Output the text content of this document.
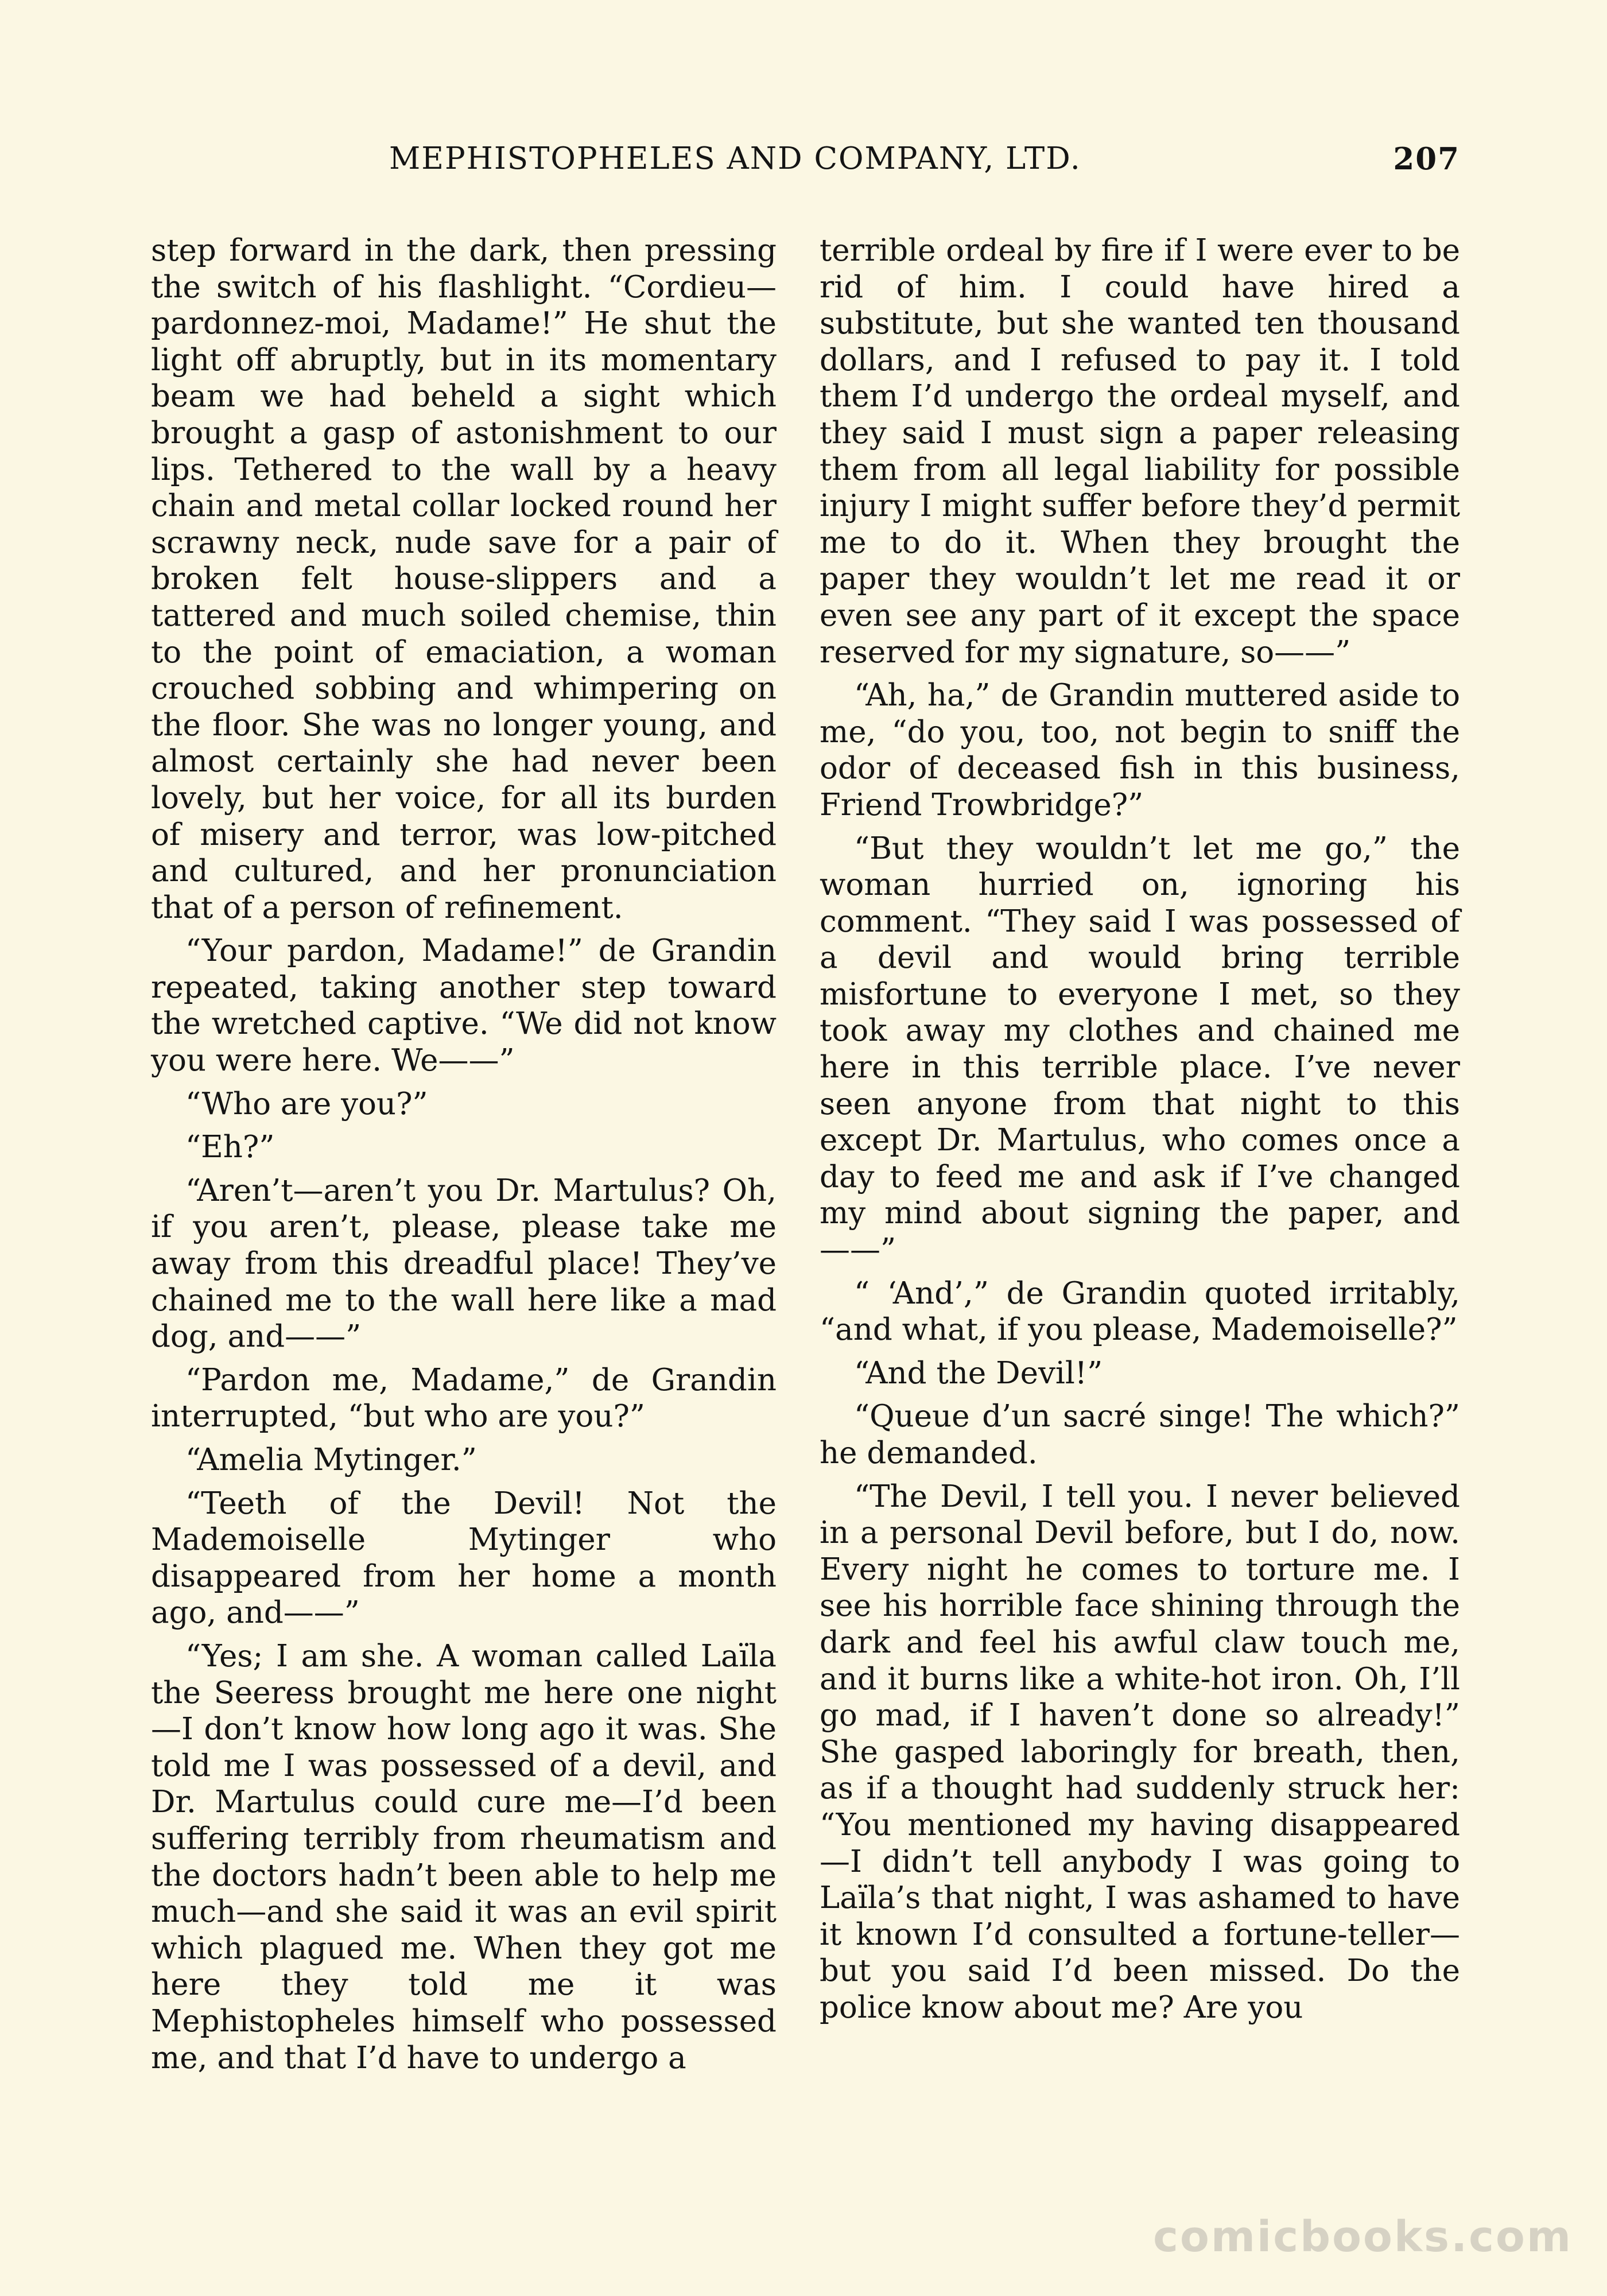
MEPHISTOPHELES AND COMPANY, LTD.	207

step forward in the dark, then pressing the switch of his flashlight. “Cordieu—pardonnez-moi, Madame!” He shut the light off abruptly, but in its momentary beam we had beheld a sight which brought a gasp of astonishment to our lips. Tethered to the wall by a heavy chain and metal collar locked round her scrawny neck, nude save for a pair of broken felt house-slippers and a tattered and much soiled chemise, thin to the point of emaciation, a woman crouched sobbing and whimpering on the floor. She was no longer young, and almost certainly she had never been lovely, but her voice, for all its burden of misery and terror, was low-pitched and cultured, and her pronunciation that of a person of refinement.

“Your pardon, Madame!” de Grandin repeated, taking another step toward the wretched captive. “We did not know you were here. We——”

“Who are you?”

“Eh?”

“Aren’t—aren’t you Dr. Martulus? Oh, if you aren’t, please, please take me away from this dreadful place! They’ve chained me to the wall here like a mad dog, and——”

“Pardon me, Madame,” de Grandin interrupted, “but who are you?”

“Amelia Mytinger.”

“Teeth of the Devil! Not the Mademoiselle Mytinger who disappeared from her home a month ago, and——”

“Yes; I am she. A woman called Laïla the Seeress brought me here one night—I don’t know how long ago it was. She told me I was possessed of a devil, and Dr. Martulus could cure me—I’d been suffering terribly from rheumatism and the doctors hadn’t been able to help me much—and she said it was an evil spirit which plagued me. When they got me here they told me it was Mephistopheles himself who possessed me, and that I’d have to undergo a

terrible ordeal by fire if I were ever to be rid of him. I could have hired a substitute, but she wanted ten thousand dollars, and I refused to pay it. I told them I’d undergo the ordeal myself, and they said I must sign a paper releasing them from all legal liability for possible injury I might suffer before they’d permit me to do it. When they brought the paper they wouldn’t let me read it or even see any part of it except the space reserved for my signature, so——”

“Ah, ha,” de Grandin muttered aside to me, “do you, too, not begin to sniff the odor of deceased fish in this business, Friend Trowbridge?”

“But they wouldn’t let me go,” the woman hurried on, ignoring his comment. “They said I was possessed of a devil and would bring terrible misfortune to everyone I met, so they took away my clothes and chained me here in this terrible place. I’ve never seen anyone from that night to this except Dr. Martulus, who comes once a day to feed me and ask if I’ve changed my mind about signing the paper, and——”

“ ‘And’,” de Grandin quoted irritably, “and what, if you please, Mademoiselle?”

“And the Devil!”

“Queue d’un sacré singe! The which?” he demanded.

“The Devil, I tell you. I never believed in a personal Devil before, but I do, now. Every night he comes to torture me. I see his horrible face shining through the dark and feel his awful claw touch me, and it burns like a white-hot iron. Oh, I’ll go mad, if I haven’t done so already!” She gasped laboringly for breath, then, as if a thought had suddenly struck her: “You mentioned my having disappeared—I didn’t tell anybody I was going to Laïla’s that night, I was ashamed to have it known I’d consulted a fortune-teller—but you said I’d been missed. Do the police know about me? Are you

comicbooks.com
